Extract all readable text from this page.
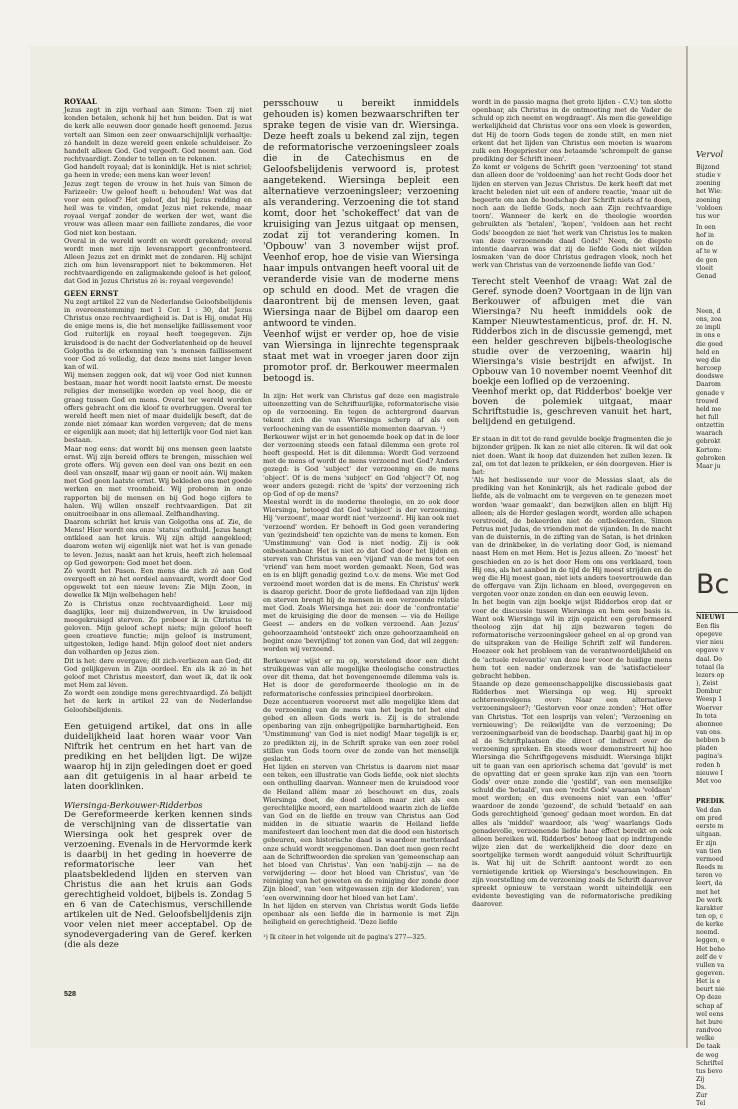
ROYAAL

Jezus zegt in zijn verhaal aan Simon: Toen zij niet konden betalen, schonk hij het hun beiden. Dat is wat de kerk alle eeuwen door genade heeft genoemd. Jezus vertelt aan Simon een zeer onwaarschijnlijk verhaaltje: zó handelt in deze wereld geen enkele schuldeiser. Zo handelt alleen God. God vergeeft. God neemt aan. God rechtvaardigt. Zonder te tellen en te rekenen.

God handelt royaal; dat is koninklijk. Het is niet schriel; ga heen in vrede; een mens kan weer leven!

Jezus zegt tegen de vrouw in het huis van Simon de Farizeeër: Uw geloof heeft u behouden! Wat was dat voor een geloof? Het geloof, dat bij Jezus redding en heil was te vinden, omdat Jezus niet rekende, maar royaal vergaf zonder de werken der wet, want die vrouw was alleen maar een failliete zondares, die voor God niet kon bestaan.

Overal in de wereld wordt en wordt gerekend; overal wordt men met zijn levensrapport geconfronteerd. Alleen Jezus zet en drinkt met de zondaren. Hij schijnt zich om hun levensrapport niet te bekommeren. Het rechtvaardigende en zaligmakende geloof is het geloof, dat God in Jezus Christus zó is: royaal vergevende!

GEEN ERNST

Nu zegt artikel 22 van de Nederlandse Geloofsbelijdenis in overeenstemming met 1 Cor. 1 : 30, dat Jezus Christus onze rechtvaardigheid is. Dat is Hij, omdat Hij de enige mens is, die het menselijke faillissement voor God ruiterlijk en royaal heeft toegegeven. Zijn kruisdood is de nacht der Godverlatenheid op de heuvel Golgotha is de erkenning van 's mensen faillissement voor God zó volledig, dat deze mens niet langer leven kan of wil.

Wij mensen zeggen ook, dat wij voor God niet kunnen bestaan, maar het wordt nooit laatste ernst. De meeste religies der menselijke worden op veel hoop, die er graag tussen God en mens. Overal ter wereld worden offers gebracht om die kloof te overbruggen. Overal ter wereld heeft men niet of maar duidelijk beseft, dat de zonde niet zómaar kan worden vergeven; dat de mens er eigenlijk aan moet; dat hij letterlijk voor God niet kan bestaan.

Maar nog eens: dat wordt bij ons mensen geen laatste ernst. Wij zijn bereid offers te brengen, misschien wel grote offers. Wij geven een deel van ons bezit en een deel van onszelf, maar wij gaan er nooit aán. Wij maken met God geen laatste ernst. Wij bekleden ons met goede werken en met vroomheid. Wij proberen in onze rapporten bij de mensen en bij God hoge cijfers te halen. Wij willen onszelf rechtvaardigen. Dat zit onuitroeibaar in ons allemaal. Zelfhandhaving.

Daarom schrikt het kruis van Golgotha ons af. Zie, de Mens! Hier wordt ons onze 'status' onthuld. Jezus hangt ontkleed aan het kruis. Wij zijn altijd aangekleed; daarom weten wij eigenlijk niet wat het is van genade te leven. Jezus, naakt aan het kruis, heeft zich helemaal op God geworpen: God moet het doen.

Zó wordt het Pasen. Een mens die zich zó aan God overgeeft en zó het oordeel aanvaardt, wordt door God opgewekt tot een nieuw leven: Zie Mijn Zoon, in dewelke Ik Mijn welbehagen heb!

Zo is Christus onze rechtvaardigheid. Leer mij daaglijks, leer mij duizendwerven, in Uw kruisdood meegekruisigd sterven. Zo probeer ik in Christus te geloven. Mijn geloof schept niets; mijn geloof heeft geen creatieve functie; mijn geloof is instrument, uitgestoken, ledige hand. Mijn geloof doet niet anders dan volharden op Jezus zien.

Dit is het: dere overgave; dit zich-verliezen aan God; dit God gelijkgeven in Zijn oordeel. En als ik zó in het geloof met Christus meesterf, dan weet ik, dat ik ook met Hem zal léven.

Zo wordt een zondige mens gerechtvaardigd. Zó belijdt het de kerk in artikel 22 van de Nederlandse Geloofsbelijdenis.

Een getuigend artikel, dat ons in alle duidelijkheid laat horen waar voor Van Niftrik het centrum en het hart van de prediking en het belijden ligt. De wijze waarop hij in zijn geledingen doet er goed aan dit getuigenis in al haar arbeid te laten doorklinken.

Wiersinga-Berkouwer-Ridderbos

De Gereformeerde kerken kennen sinds de verschijning van de dissertatie van Wiersinga ook het gesprek over de verzoening. Evenals in de Hervormde kerk is daarbij in het geding in hoeverre de reformatorische leer van het plaatsbekledend lijden en sterven van Christus die aan het kruis aan Gods gerechtigheid voldoet, bijbels is. Zondag 5 en 6 van de Catechismus, verschillende artikelen uit de Ned. Geloofsbelijdenis zijn voor velen niet meer acceptabel. Op de synodevergadering van de Geref. kerken (die als deze

persschouw u bereikt inmiddels gehouden is) komen bezwaarschriften ter sprake tegen de visie van dr. Wiersinga. Deze heeft zoals u bekend zal zijn, tegen de reformatorische verzoeningsleer zoals die in de Catechismus en de Geloofsbelijdenis verwoord is, protest aangetekend. Wiersinga bepleit een alternatieve verzoeningsleer; verzoening als verandering. Verzoening die tot stand komt, door het 'schokeffect' dat van de kruisiging van Jezus uitgaat op mensen, zodat zij tot verandering komen. In 'Opbouw' van 3 november wijst prof. Veenhof erop, hoe de visie van Wiersinga haar impuls ontvangen heeft vooral uit de veranderde visie van de moderne mens op schuld en dood. Met de vragen die daarontrent bij de mensen leven, gaat Wiersinga naar de Bijbel om daarop een antwoord te vinden.

Veenhof wijst er verder op, hoe de visie van Wiersinga in lijnrechte tegenspraak staat met wat in vroeger jaren door zijn promotor prof. dr. Berkouwer meermalen betoogd is.

In zijn: Het werk van Christus gaf deze een magistrale uiteenzetting van de Schriftuurlijke, reformatorische visie op de verzoening. En tegen de achtergrond daarvan tekent zich die van Wiersinga scherp af als een verloochening van de essentiële momenten daarvan. ¹)

Berkouwer wijst er in het genoemde boek op dat in de leer der verzoening steeds een fataal dilemma een grote rol heeft gespeeld. Het is dit dilemma: Wordt God verzoend met de mens of wordt de mens verzoend met God? Anders gezegd: is God 'subject' der verzoening en de mens 'object'. Of is de mens 'subject' en God 'object'? Of, nog weer anders gezegd: richt de 'spits' der verzoening zich op God of op de mens?

Meestal wordt in de moderne theologie, en zo ook door Wiersinga, betoogd dat God 'subject' is der verzoening. Hij 'verzoent', maar wordt niet 'verzoend'. Hij kan ook niet 'verzoend' worden. Er behoeft in God geen verandering van 'gezindsheid' ten opzichte van de mens te komen. Een 'Umstimmung' van God is niet nodig. Zij is ook onbestaanbaar. Het is niet zo dat God door het lijden en sterven van Christus van een 'vijand' van de mens tot een 'vriend' van hem moet worden gemaakt. Neen, God was en is en blijft genadig gezind t.o.v. de mens. Wie met God verzoend moet worden dat is de mens. En Christus' werk is daarop gericht. Door de grote liefdedaad van zijn lijden en sterven brengt hij de mensen in een verzoende relatie met God. Zoals Wiersinga het zei: door de 'confrontatie' met de kruisiging die door de mensen — via de Heilige Geest — anders en de volken verzoend. Aan Jezus' gehoorzaamheid 'ontsteekt' zich onze gehoorzaamheid en begint onze 'bevrijding' tot zonen van God, dat wil zeggen: worden wij verzoend.

Berkouwer wijst er nu op, worstelend door een dicht struikgewas van alle mogelijke theologische constructies over dit thema, dat het bovengenoemde dilemma vals is. Het is door de gereformeerde theologie en in de reformatorische confessies principieel doorbroken.

Deze accentueren vooreerst met alle mogelijke klem dat de verzoening van de mens van het begin tot het eind gebed en alleen Gods werk is. Zij is de stralende openbaring van zijn onbegrijpelijke barmhartigheid. Een 'Umstimmung' van God is niet nodig! Maar tegelijk is er, zo predikten zij, in de Schrift sprake van een zeer reëel stillen van Gods toorn over de zonde van het menselijk geslacht.

Het lijden en sterven van Christus is daarom niet maar een teken, een illustratie van Gods liefde, ook niet slechts een onthulling daarvan. Wanneer men de kruisdood voor de Heiland allém maar zó beschouwt en dus, zoals Wiersinga doet, de dood alleen maar ziet als een gerechtelijke moord, een marteldood waarin zich de liefde van God en de liefde en trouw van Christus aan God midden in de situatie waarin de Heiland liefde manifesteert dan loochent men dat die dood een historisch gebeuren, een historische daad is waardoor metterdaad onze schuld wordt weggenomen. Dan doet men geen recht aan de Schriftwoorden die spreken van 'gemeenschap aan het bloed van Christus'. Van een 'nabij-zijn — na de verwijdering — door het bloed van Christus', van 'de reiniging van het geweten en de reiniging der zonde door Zijn bloed', van 'een witgewassen zijn der klederen', van 'een overwinning door het bloed van het Lam'.

In het lijden en sterven van Christus wordt Gods liefde openbaar als een liefde die in harmonie is met Zijn heiligheid en gerechtigheid. 'Deze liefde

¹) Ik citeer in het volgende uit de pagina's 277—325.

wordt in de passio magna (het grote lijden - C.V.) ten slotte openbaar, als Christus in de ontmoeting met de Vader de schuld op zich neemt en wegdraagt'. Als men die geweldige werkelijkheid dat Christus voor ons een vloek is geworden, dat Hij de toorn Gods tegen de zonde stilt, en men niet erkent dat het lijden van Christus een moeten is waarom zulk een Hogepriester ons betaamde 'schrompelt de ganse prediking der Schrift ineen'.

Zo komt er volgens de Schrift geen 'verzoening' tot stand dan alleen door de 'voldoening' aan het recht Gods door het lijden en sterven van Jezus Christus. De kerk heeft dat met kracht beleden niet uit een of andere reactie, 'maar uit de begeerte om aan de boodschap der Schrift niets af te doen, noch aan de liefde Gods, noch aan Zijn rechtvaardige toorn'. Wanneer de kerk en de theologie woorden gebruikten als 'betalen', 'kopen', 'voldoen aan het recht Gods' beoogden ze niet 'het werk van Christus los te maken van deze verzoenende daad Gods!' Neen, de diepste intentie daarvan was dat zij de liefde Gods niet wilden losmaken 'van de door Christus gedragen vloek, noch het werk van Christus van de verzoenende liefde van God.'

Terecht stelt Veenhof de vraag: Wat zal de Geref. synode doen? Voortgaan in de lijn van Berkouwer of afbuigen met die van Wiersinga? Nu heeft inmiddels ook de Kamper Nieuwtestamenticus, prof. dr. H. N. Ridderbos zich in de discussie gemengd, met een helder geschreven bijbels-theologische studie over de verzoening, waarin hij Wiersinga's visie bestrijdt en afwijst. In Opbouw van 10 november noemt Veenhof dit boekje een loflied op de verzoening.

Veenhof merkt op, dat Ridderbos' boekje ver boven de polemiek uitgaat, maar Schriftstudie is, geschreven vanuit het hart, belijdend en getuigend.

Er staan in dit tot de rand gevulde boekje fragmenten die je bijzonder grijpen. Ik kan ze niet alle citeren. Ik wil dat ook niet doen. Want ik hoop dat duizenden het zullen lezen. Ik zal, om tot dat lezen te prikkelen, er één doorgeven. Hier is het:

'Als het beslissende uur voor de Messias slaat, als de prediking van het Koninkrijk, als het radicale gebod der liefde, als de volmacht om te vergeven en te genezen moet worden 'waar gemaakt', dan bezwijken allen en blijft Hij alleen; als de Herder geslagen wordt, worden alle schapen verstrooid, de bekeerden niet de ontbekeerden. Simon Petrus met Judas, de vrienden met de vijanden. In de macht van de duisternis, in de zifting van de Satan, is het drinken van de drinkbeker, in de verlating door God, is niemand naast Hem en met Hem. Het is Jezus alleen. Zo 'moest' het geschieden en zo is het door Hem om ons verklaard, toen Hij ons, als het aanbod in de tijd de Hij moest strijden en de weg die Hij moest gaan, niet iets anders toevertrouwde dan de offergave van Zijn lichaam en bloed, overgegeven en vergoten voor onze zonden en dan een eeuwig leven.

In het begin van zijn boekje wijst Ridderbos erop dat er voor de discussie tussen Wiersinga en hem een basis is. Want ook Wiersinga wil in zijn opzicht een gereformeerd theoloog zijn dat hij zijn bezwaren tegen de reformatorische verzoeningsleer geheel en al op grond van de uitspraken van de Heilige Schrift zelf wil funderen. Hoezeer ook het probleem van de verantwoordelijkheid en de 'actuele relevantie' van deze leer voor de huidige mens hem tot een nader onderzoek van de 'satisfactieleer' gebracht hebben.

Staande op deze gemeenschappelijke discussiebasis gaat Ridderbos met Wiersinga op weg. Hij spreekt achtereenvolgens over: Naar een alternatieve verzoeningsleer?; 'Gestorven voor onze zonden'; 'Het offer van Christus. 'Tot een losprijs van velen'; 'Verzoening en vernieuwing'; De reikwijdte van de verzoening; De verzoeningsarbeid van de boodschap. Daarbij gaat hij in op al de Schriftplaatsen die direct of indirect over de verzoening spreken. En steeds weer demonstreert hij hoe Wiersinga die Schriftgegevens misduidt. Wiersinga blijkt uit te gaan van een apriorisch schema dat 'gevuld' is met de opvatting dat er geen sprake kan zijn van een 'toorn Gods' over onze zonde die 'gestild', van een menselijke schuld die 'betaald', van een 'recht Gods' waaraan 'voldaan' moet worden; en dus eveneens niet van een 'offer' waardoor de zonde 'gezoend', de schuld 'betaald' en aan Gods gerechtigheid 'genoeg' gedaan moet worden. En dat alles als 'middel' waardoor, als 'weg' waarlangs Gods genadevolle, verzoenende liefde haar effect bereikt en ook alleen bereiken wil. Ridderbos' betoog laat op indringende wijze zien dat de werkelijkheid die door deze en soortgelijke termen wordt aangeduid vóluit Schriftuurlijk is. Wat hij uit de Schrift aantoont wordt zo een vernietigende kritiek op Wiersinga's beschouwingen. En zijn voorstelling om de verzoening zoals de Schrift daarover spreekt opnieuw te verstaan wordt uiteindelijk een evidente bevestiging van de reformatorische prediking daarover.

528
Vervol
Bijzond
studie v
zoening
het Wie:
zoening
'voldoen
tus wor
In een
hof in
on de
af te w
de gen
vloeit
Genad
Neen, d
ons, zoa
ze impli
in ons e
die goed
held en
weg die
hercoep
doodswe
Daarom
genade v
trouwd
held me
het full
ontzettin
waarach
gebrokt
Kortom:
gebroken
Maar ju
Bc
NIEUWI
Een flis
opegeve
vier nieu
opgave v
daal. Do
totaal (la
lezers op
), Zeist
Dombur
Weesp 1
Woerver
In tota
abonnee
van ons.
hebben b
pladen
pagina's
reden h
nieuwe I
Met voo
PREDIK
Ved dan
om pred
eerste m
uitgaan.
Er zijn
van tien
vermoed
Reeds m
teren vo
leert, da
met het
De werk
karakter
ten op, c
de kerke
noemd.
leggen, e
Het beho
zelf de v
vullen va
gegeven.
Het is e
beurt nie
Op deze
schap af
wel eens
het bure
randvoo
welke
De taak
de weg
Schriftel
tus bevo
Zij
Ds.
Zur
Tel
